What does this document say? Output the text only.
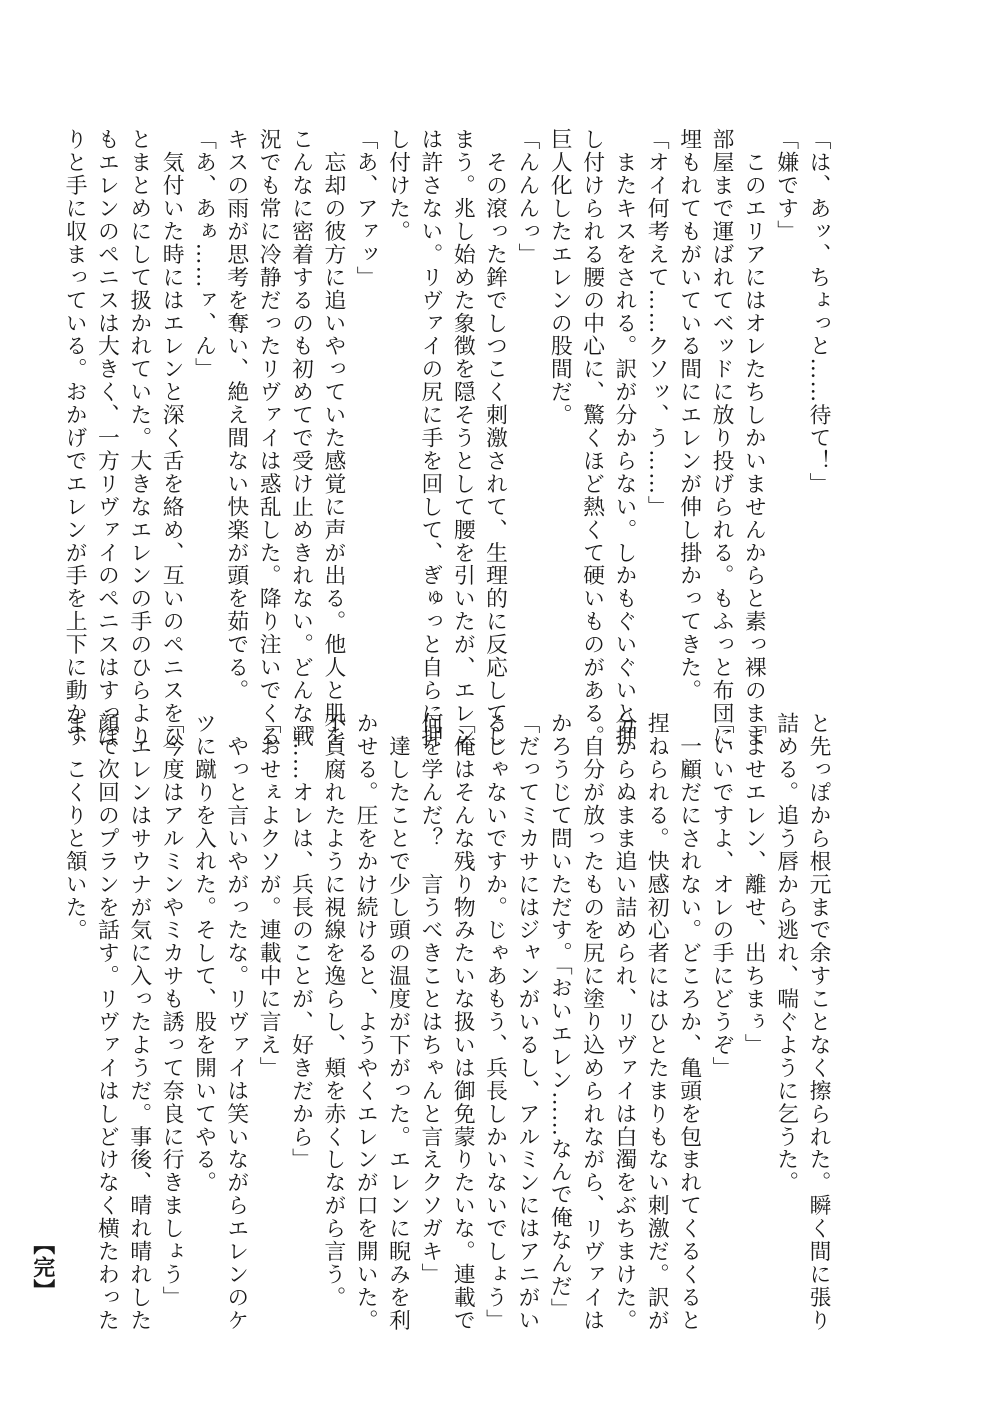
「は、あッ、ちょっと……待て！」
「嫌です」
　このエリアにはオレたちしかいませんからと素っ裸のまま
部屋まで運ばれてベッドに放り投げられる。もふっと布団に
埋もれてもがいている間にエレンが伸し掛かってきた。
「オイ何考えて……クソッ、う……」
　またキスをされる。訳が分からない。しかもぐいぐいと押
し付けられる腰の中心に、驚くほど熱くて硬いものがある。
巨人化したエレンの股間だ。
「んんんっ」
　その滾った鉾でしつこく刺激されて、生理的に反応してし
まう。兆し始めた象徴を隠そうとして腰を引いたが、エレン
は許さない。リヴァイの尻に手を回して、ぎゅっと自らに押
し付けた。
「あ、アァッ」
　忘却の彼方に追いやっていた感覚に声が出る。他人と肌を
こんなに密着するのも初めてで受け止めきれない。どんな戦
況でも常に冷静だったリヴァイは惑乱した。降り注いでくる
キスの雨が思考を奪い、絶え間ない快楽が頭を茹でる。
「あ、あぁ……ァ、ん」
　気付いた時にはエレンと深く舌を絡め、互いのペニスをひ
とまとめにして扱かれていた。大きなエレンの手のひらより
もエレンのペニスは大きく、一方リヴァイのペニスはすっぽ
りと手に収まっている。おかげでエレンが手を上下に動かす
と先っぽから根元まで余すことなく擦られた。瞬く間に張り
詰める。追う唇から逃れ、喘ぐように乞うた。
「よせエレン、離せ、出ちまぅ」
「いいですよ、オレの手にどうぞ」
　一顧だにされない。どころか、亀頭を包まれてくるくると
捏ねられる。快感初心者にはひとたまりもない刺激だ。訳が
分からぬまま追い詰められ、リヴァイは白濁をぶちまけた。
　自分が放ったものを尻に塗り込められながら、リヴァイは
かろうじて問いただす。「おいエレン……なんで俺なんだ」
「だってミカサにはジャンがいるし、アルミンにはアニがい
るじゃないですか。じゃあもう、兵長しかいないでしょう」
「俺はそんな残り物みたいな扱いは御免蒙りたいな。連載で
何を学んだ？　言うべきことはちゃんと言えクソガキ」
　達したことで少し頭の温度が下がった。エレンに睨みを利
かせる。圧をかけ続けると、ようやくエレンが口を開いた。
不貞腐れたように視線を逸らし、頬を赤くしながら言う。
「……オレは、兵長のことが、好きだから」
「おせぇよクソが。連載中に言え」
　やっと言いやがったな。リヴァイは笑いながらエレンのケ
ツに蹴りを入れた。そして、股を開いてやる。
「今度はアルミンやミカサも誘って奈良に行きましょう」
　エレンはサウナが気に入ったようだ。事後、晴れ晴れした
顔で次回のプランを話す。リヴァイはしどけなく横たわった
ま、こくりと頷いた。
【完】
